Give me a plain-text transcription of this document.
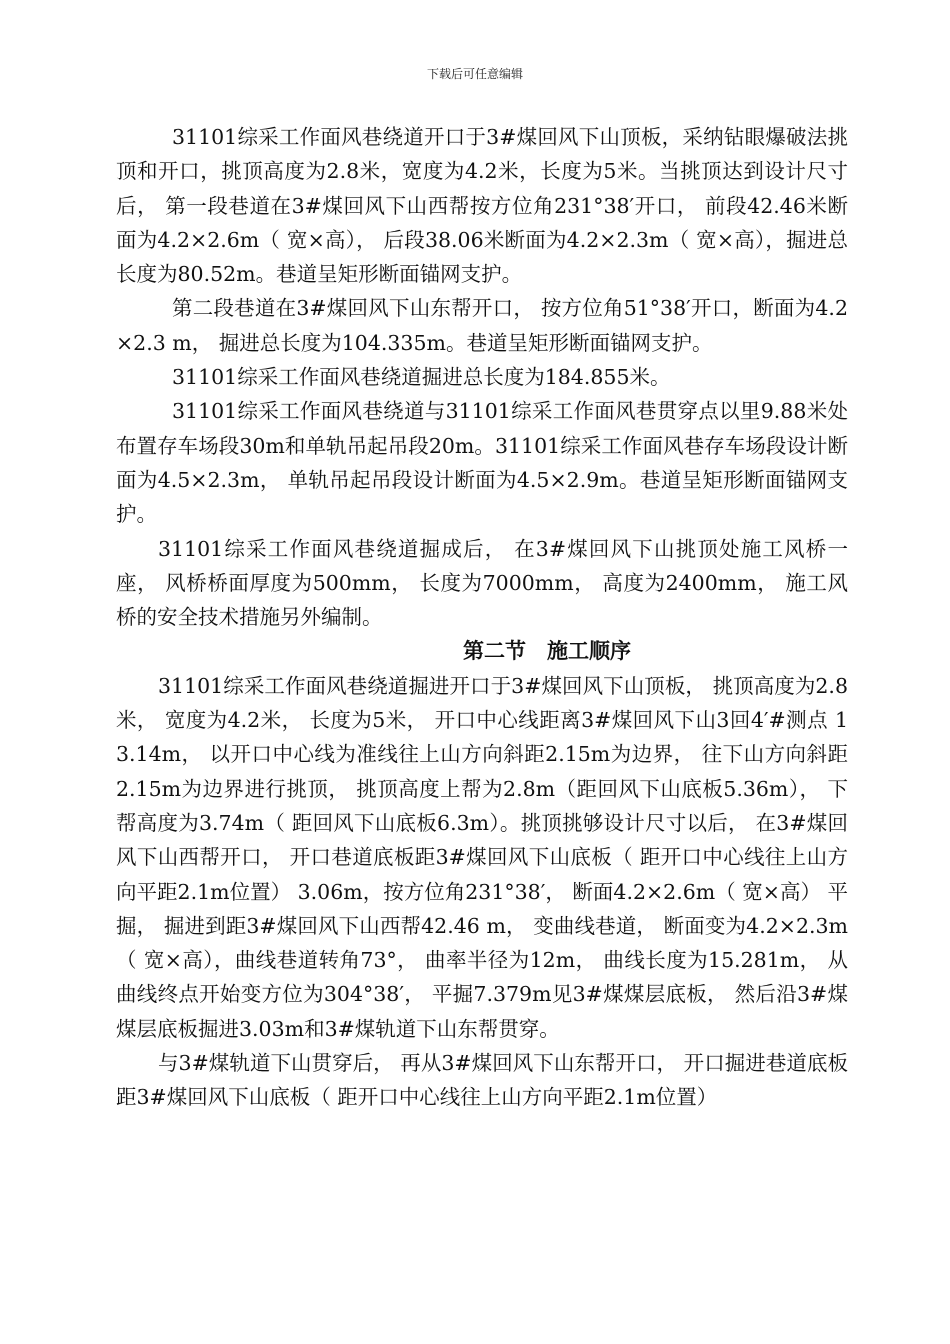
下载后可任意编辑

31101综采工作面风巷绕道开口于3#煤回风下山顶板，采纳钻眼爆破法挑顶和开口，挑顶高度为2.8米，宽度为4.2米，长度为5米。当挑顶达到设计尺寸后， 第一段巷道在3#煤回风下山西帮按方位角231°38′开口， 前段42.46米断面为4.2×2.6m（ 宽×高）， 后段38.06米断面为4.2×2.3m（ 宽×高），掘进总长度为80.52m。巷道呈矩形断面锚网支护。

第二段巷道在3#煤回风下山东帮开口， 按方位角51°38′开口，断面为4.2×2.3 m， 掘进总长度为104.335m。巷道呈矩形断面锚网支护。

31101综采工作面风巷绕道掘进总长度为184.855米。

31101综采工作面风巷绕道与31101综采工作面风巷贯穿点以里9.88米处布置存车场段30m和单轨吊起吊段20m。31101综采工作面风巷存车场段设计断面为4.5×2.3m， 单轨吊起吊段设计断面为4.5×2.9m。巷道呈矩形断面锚网支护。

31101综采工作面风巷绕道掘成后， 在3#煤回风下山挑顶处施工风桥一座， 风桥桥面厚度为500mm， 长度为7000mm， 高度为2400mm， 施工风桥的安全技术措施另外编制。

第二节　施工顺序

31101综采工作面风巷绕道掘进开口于3#煤回风下山顶板， 挑顶高度为2.8米， 宽度为4.2米， 长度为5米， 开口中心线距离3#煤回风下山3回4′#测点 13.14m， 以开口中心线为准线往上山方向斜距2.15m为边界， 往下山方向斜距2.15m为边界进行挑顶， 挑顶高度上帮为2.8m（距回风下山底板5.36m）， 下帮高度为3.74m（ 距回风下山底板6.3m）。挑顶挑够设计尺寸以后， 在3#煤回风下山西帮开口， 开口巷道底板距3#煤回风下山底板（ 距开口中心线往上山方向平距2.1m位置） 3.06m，按方位角231°38′， 断面4.2×2.6m（ 宽×高） 平掘， 掘进到距3#煤回风下山西帮42.46 m， 变曲线巷道， 断面变为4.2×2.3m（ 宽×高），曲线巷道转角73°， 曲率半径为12m， 曲线长度为15.281m， 从曲线终点开始变方位为304°38′， 平掘7.379m见3#煤煤层底板， 然后沿3#煤煤层底板掘进3.03m和3#煤轨道下山东帮贯穿。

与3#煤轨道下山贯穿后， 再从3#煤回风下山东帮开口， 开口掘进巷道底板距3#煤回风下山底板（ 距开口中心线往上山方向平距2.1m位置）
